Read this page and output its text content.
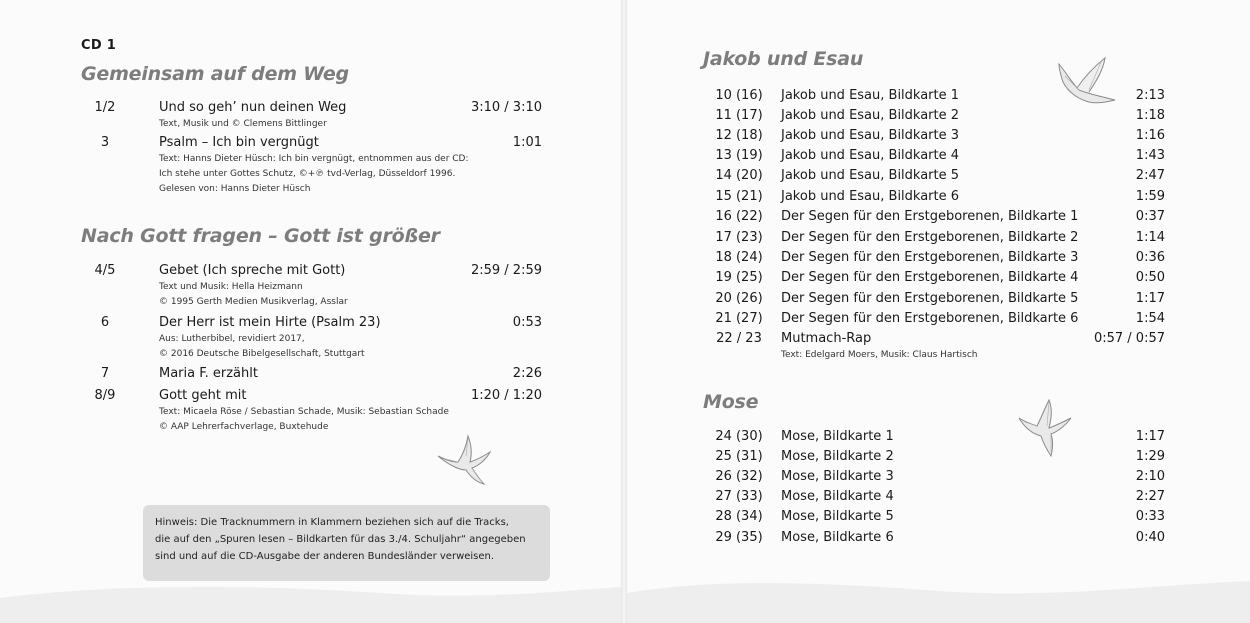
CD 1
Gemeinsam auf dem Weg
1/2	Und so geh’ nun deinen Weg	3:10 / 3:10
Text, Musik und © Clemens Bittlinger
3	Psalm – Ich bin vergnügt	1:01
Text: Hanns Dieter Hüsch: Ich bin vergnügt, entnommen aus der CD:
Ich stehe unter Gottes Schutz, ©+℗ tvd-Verlag, Düsseldorf 1996.
Gelesen von: Hanns Dieter Hüsch
Nach Gott fragen – Gott ist größer
4/5	Gebet (Ich spreche mit Gott)	2:59 / 2:59
Text und Musik: Hella Heizmann
© 1995 Gerth Medien Musikverlag, Asslar
6	Der Herr ist mein Hirte (Psalm 23)	0:53
Aus: Lutherbibel, revidiert 2017,
© 2016 Deutsche Bibelgesellschaft, Stuttgart
7	Maria F. erzählt	2:26
8/9	Gott geht mit	1:20 / 1:20
Text: Micaela Röse / Sebastian Schade, Musik: Sebastian Schade
© AAP Lehrerfachverlage, Buxtehude
Hinweis: Die Tracknummern in Klammern beziehen sich auf die Tracks,
die auf den „Spuren lesen – Bildkarten für das 3./4. Schuljahr“ angegeben
sind und auf die CD-Ausgabe der anderen Bundesländer verweisen.
Jakob und Esau
10 (16)	Jakob und Esau, Bildkarte 1	2:13
11 (17)	Jakob und Esau, Bildkarte 2	1:18
12 (18)	Jakob und Esau, Bildkarte 3	1:16
13 (19)	Jakob und Esau, Bildkarte 4	1:43
14 (20)	Jakob und Esau, Bildkarte 5	2:47
15 (21)	Jakob und Esau, Bildkarte 6	1:59
16 (22)	Der Segen für den Erstgeborenen, Bildkarte 1	0:37
17 (23)	Der Segen für den Erstgeborenen, Bildkarte 2	1:14
18 (24)	Der Segen für den Erstgeborenen, Bildkarte 3	0:36
19 (25)	Der Segen für den Erstgeborenen, Bildkarte 4	0:50
20 (26)	Der Segen für den Erstgeborenen, Bildkarte 5	1:17
21 (27)	Der Segen für den Erstgeborenen, Bildkarte 6	1:54
22 / 23	Mutmach-Rap	0:57 / 0:57
Text: Edelgard Moers, Musik: Claus Hartisch
Mose
24 (30)	Mose, Bildkarte 1	1:17
25 (31)	Mose, Bildkarte 2	1:29
26 (32)	Mose, Bildkarte 3	2:10
27 (33)	Mose, Bildkarte 4	2:27
28 (34)	Mose, Bildkarte 5	0:33
29 (35)	Mose, Bildkarte 6	0:40
